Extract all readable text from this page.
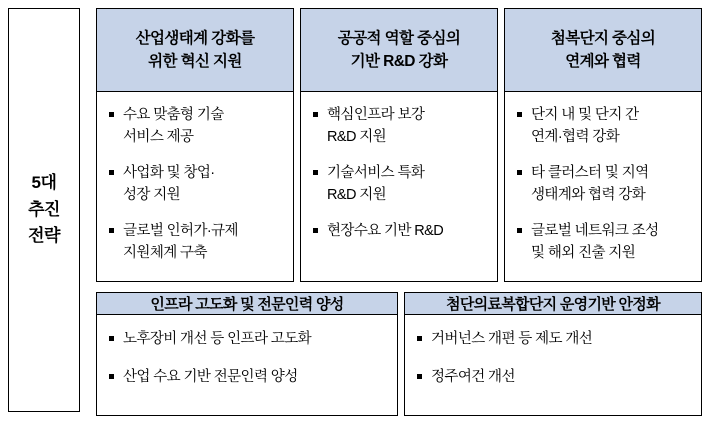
5대
추진
전략
산업생태계 강화를
위한 혁신 지원
수요 맞춤형 기술
서비스 제공
사업화 및 창업·
성장 지원
글로벌 인허가·규제
지원체계 구축
공공적 역할 중심의
기반 R&D 강화
핵심인프라 보강
R&D 지원
기술서비스 특화
R&D 지원
현장수요 기반 R&D
첨복단지 중심의
연계와 협력
단지 내 및 단지 간
연계·협력 강화
타 클러스터 및 지역
생태계와 협력 강화
글로벌 네트워크 조성
및 해외 진출 지원
인프라 고도화 및 전문인력 양성
노후장비 개선 등 인프라 고도화
산업 수요 기반 전문인력 양성
첨단의료복합단지 운영기반 안정화
거버넌스 개편 등 제도 개선
정주여건 개선
